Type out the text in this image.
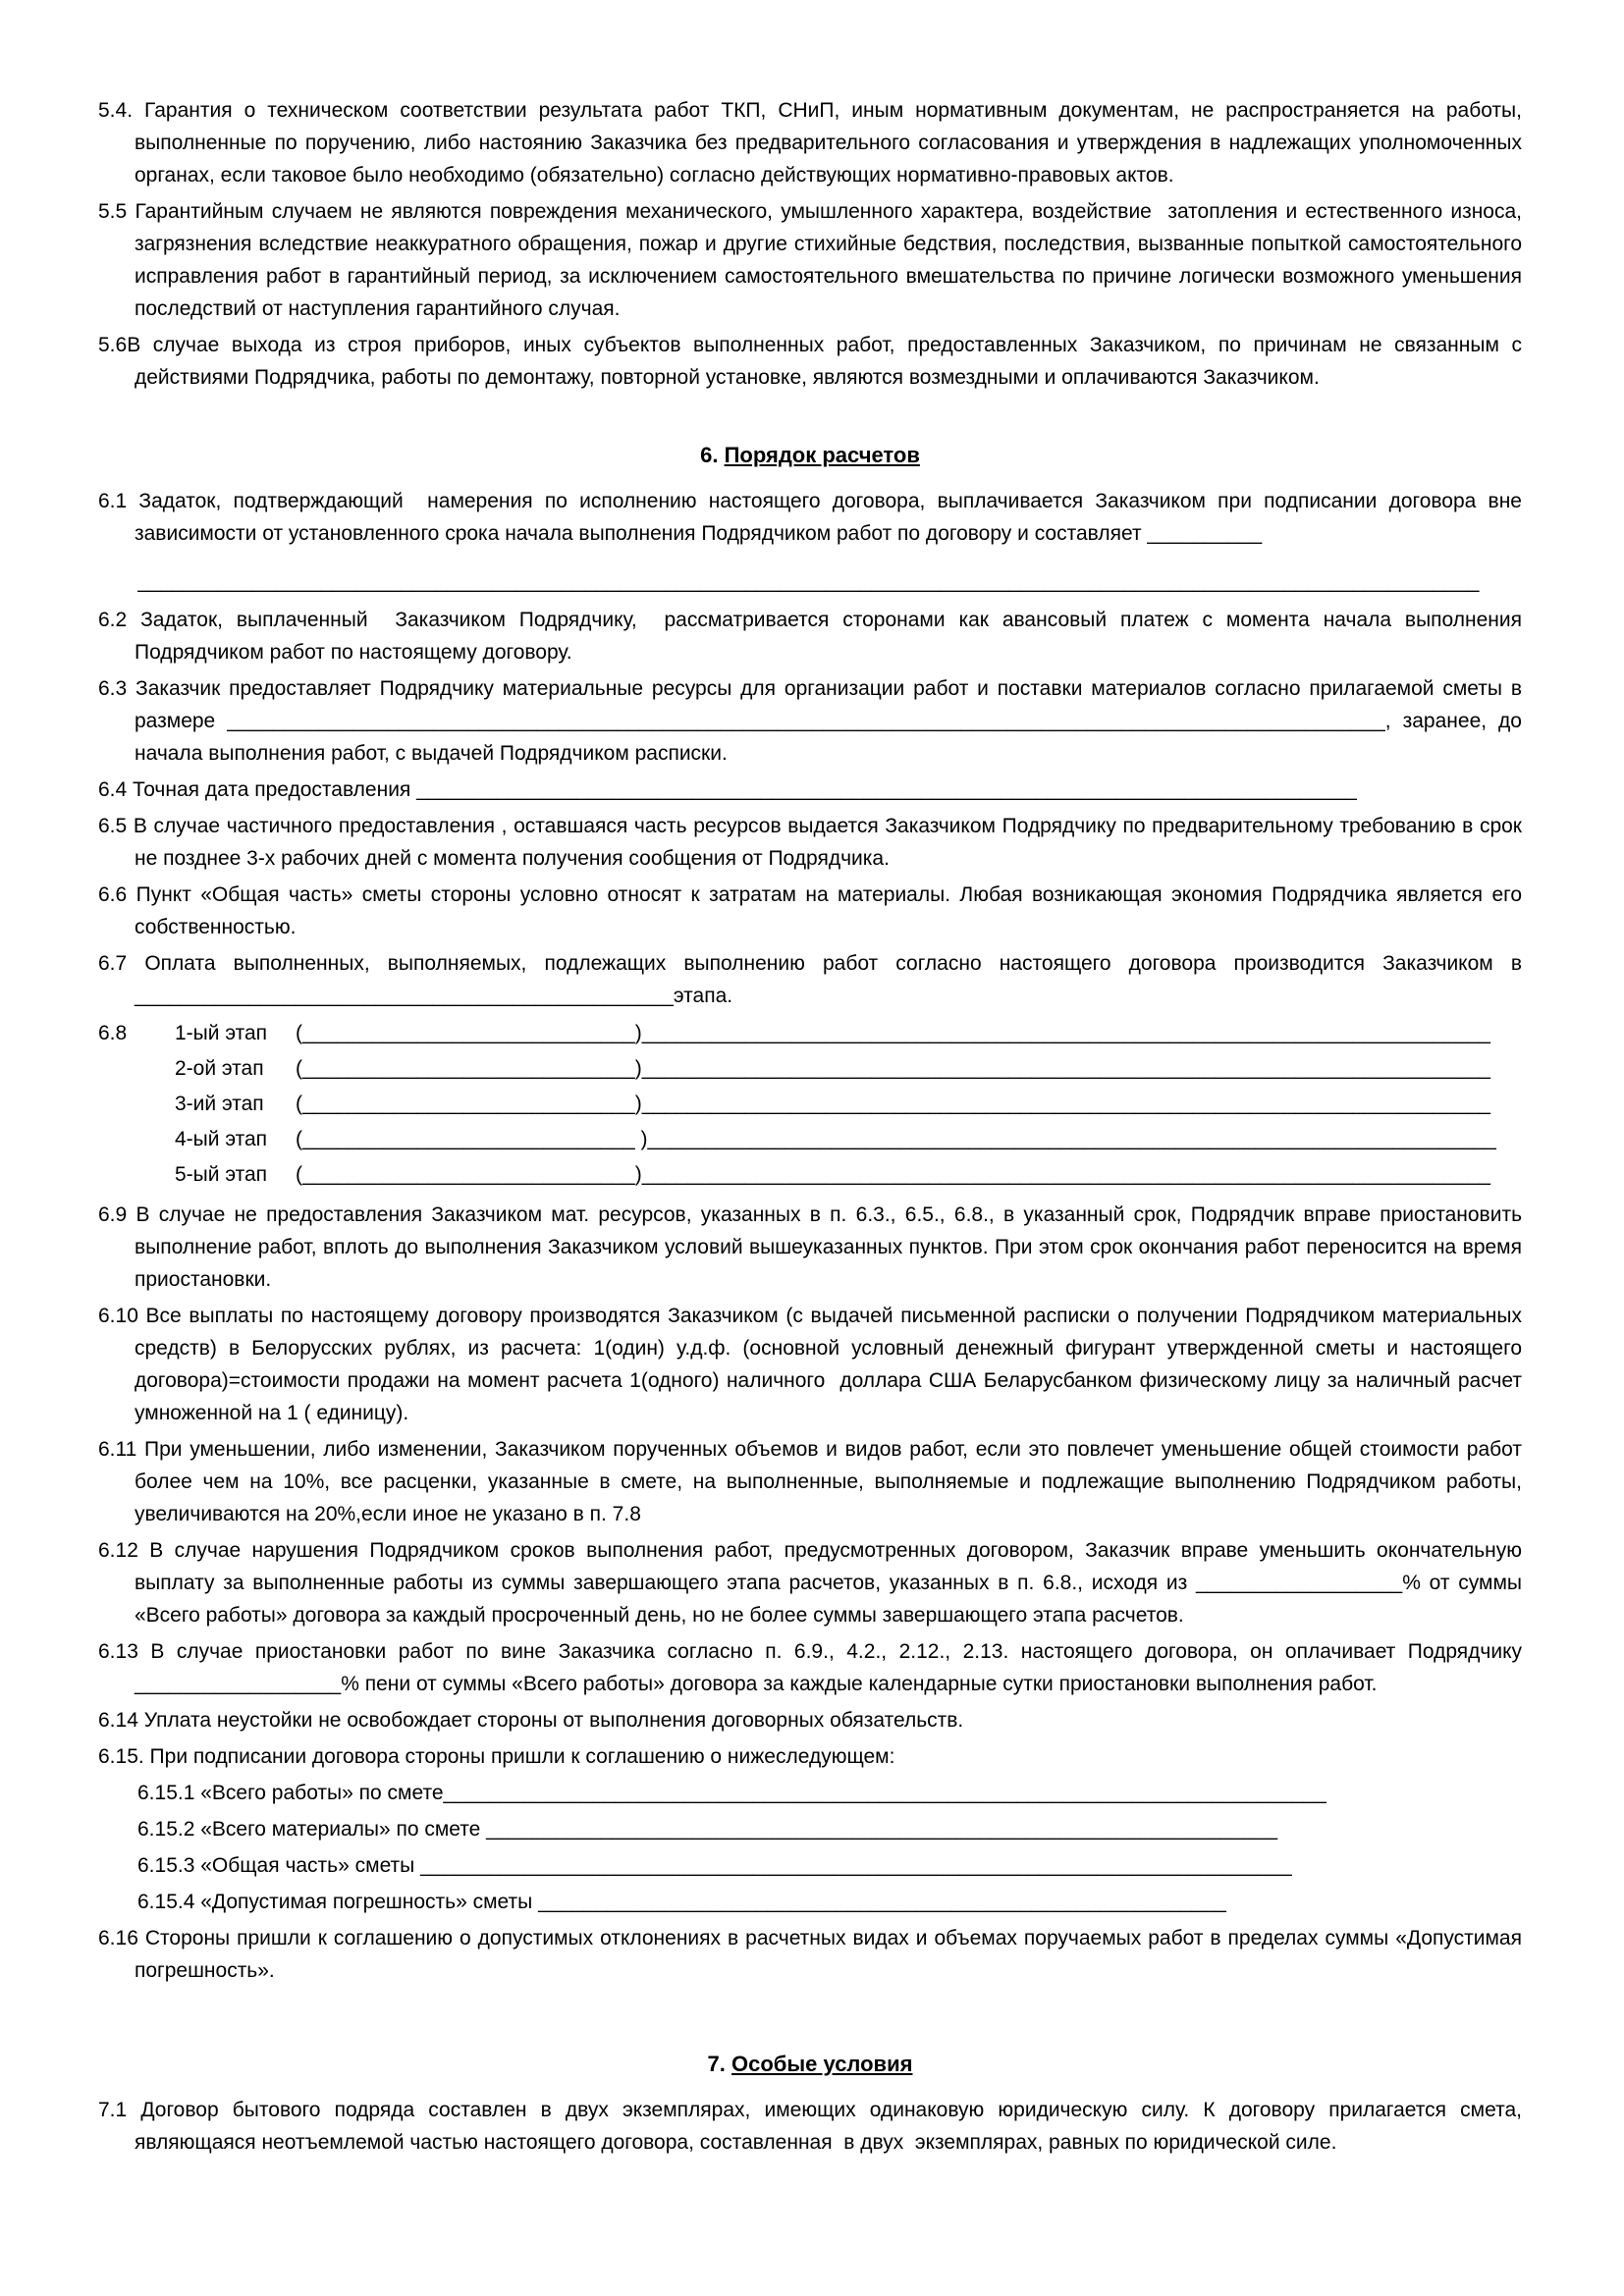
5.4. Гарантия о техническом соответствии результата работ ТКП, СНиП, иным нормативным документам, не распространяется на работы, выполненные по поручению, либо настоянию Заказчика без предварительного согласования и утверждения в надлежащих уполномоченных органах, если таковое было необходимо (обязательно) согласно действующих нормативно-правовых актов.

5.5 Гарантийным случаем не являются повреждения механического, умышленного характера, воздействие  затопления и естественного износа, загрязнения вследствие неаккуратного обращения, пожар и другие стихийные бедствия, последствия, вызванные попыткой самостоятельного исправления работ в гарантийный период, за исключением самостоятельного вмешательства по причине логически возможного уменьшения последствий от наступления гарантийного случая.

5.6В случае выхода из строя приборов, иных субъектов выполненных работ, предоставленных Заказчиком, по причинам не связанным с действиями Подрядчика, работы по демонтажу, повторной установке, являются возмездными и оплачиваются Заказчиком.

6. Порядок расчетов

6.1 Задаток, подтверждающий  намерения по исполнению настоящего договора, выплачивается Заказчиком при подписании договора вне зависимости от установленного срока начала выполнения Подрядчиком работ по договору и составляет __________

_____________________________________________________________________________________________________________________

6.2 Задаток, выплаченный  Заказчиком Подрядчику,  рассматривается сторонами как авансовый платеж с момента начала выполнения Подрядчиком работ по настоящему договору.

6.3 Заказчик предоставляет Подрядчику материальные ресурсы для организации работ и поставки материалов согласно прилагаемой сметы в размере _____________________________________________________________________________________________________, заранее, до начала выполнения работ, с выдачей Подрядчиком расписки.

6.4 Точная дата предоставления __________________________________________________________________________________

6.5 В случае частичного предоставления , оставшаяся часть ресурсов выдается Заказчиком Подрядчику по предварительному требованию в срок не позднее 3-х рабочих дней с момента получения сообщения от Подрядчика.

6.6 Пункт «Общая часть» сметы стороны условно относят к затратам на материалы. Любая возникающая экономия Подрядчика является его собственностью.

6.7 Оплата выполненных, выполняемых, подлежащих выполнению работ согласно настоящего договора производится Заказчиком в _______________________________________________этапа.

6.8 1-ый этап (_____________________________)__________________________________________________________________________
2-ой этап (_____________________________)__________________________________________________________________________
3-ий этап (_____________________________)__________________________________________________________________________
4-ый этап (_____________________________ )__________________________________________________________________________
5-ый этап (_____________________________)__________________________________________________________________________

6.9 В случае не предоставления Заказчиком мат. ресурсов, указанных в п. 6.3., 6.5., 6.8., в указанный срок, Подрядчик вправе приостановить выполнение работ, вплоть до выполнения Заказчиком условий вышеуказанных пунктов. При этом срок окончания работ переносится на время приостановки.

6.10 Все выплаты по настоящему договору производятся Заказчиком (с выдачей письменной расписки о получении Подрядчиком материальных средств) в Белорусских рублях, из расчета: 1(один) у.д.ф. (основной условный денежный фигурант утвержденной сметы и настоящего договора)=стоимости продажи на момент расчета 1(одного) наличного  доллара США Беларусбанком физическому лицу за наличный расчет умноженной на 1 ( единицу).

6.11 При уменьшении, либо изменении, Заказчиком порученных объемов и видов работ, если это повлечет уменьшение общей стоимости работ более чем на 10%, все расценки, указанные в смете, на выполненные, выполняемые и подлежащие выполнению Подрядчиком работы, увеличиваются на 20%,если иное не указано в п. 7.8

6.12 В случае нарушения Подрядчиком сроков выполнения работ, предусмотренных договором, Заказчик вправе уменьшить окончательную выплату за выполненные работы из суммы завершающего этапа расчетов, указанных в п. 6.8., исходя из __________________% от суммы «Всего работы» договора за каждый просроченный день, но не более суммы завершающего этапа расчетов.

6.13 В случае приостановки работ по вине Заказчика согласно п. 6.9., 4.2., 2.12., 2.13. настоящего договора, он оплачивает Подрядчику __________________% пени от суммы «Всего работы» договора за каждые календарные сутки приостановки выполнения работ.

6.14 Уплата неустойки не освобождает стороны от выполнения договорных обязательств.

6.15. При подписании договора стороны пришли к соглашению о нижеследующем:

6.15.1 «Всего работы» по смете_____________________________________________________________________________

6.15.2 «Всего материалы» по смете _____________________________________________________________________

6.15.3 «Общая часть» сметы ____________________________________________________________________________

6.15.4 «Допустимая погрешность» сметы ____________________________________________________________

6.16 Стороны пришли к соглашению о допустимых отклонениях в расчетных видах и объемах поручаемых работ в пределах суммы «Допустимая погрешность».

7. Особые условия

7.1 Договор бытового подряда составлен в двух экземплярах, имеющих одинаковую юридическую силу. К договору прилагается смета, являющаяся неотъемлемой частью настоящего договора, составленная  в двух  экземплярах, равных по юридической силе.
